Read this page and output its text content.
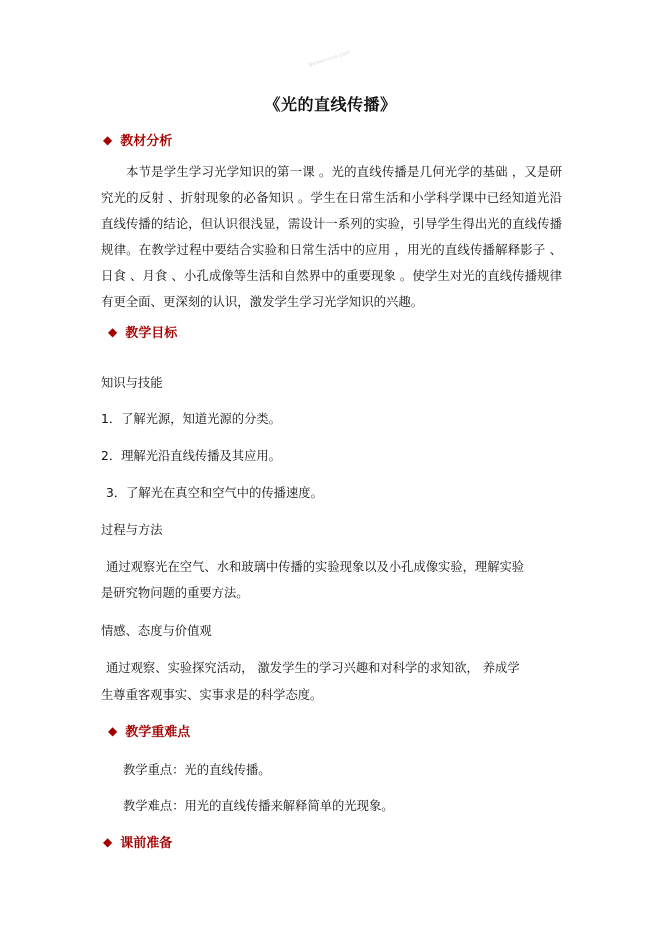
Baiwenxue.com
《光的直线传播》
◆ 教材分析
本节是学生学习光学知识的第一课 。光的直线传播是几何光学的基础 ，又是研究光的反射 、折射现象的必备知识 。学生在日常生活和小学科学课中已经知道光沿直线传播的结论，但认识很浅显，需设计一系列的实验，引导学生得出光的直线传播规律。在教学过程中要结合实验和日常生活中的应用 ，用光的直线传播解释影子 、日食 、月食 、小孔成像等生活和自然界中的重要现象 。使学生对光的直线传播规律有更全面、更深刻的认识，激发学生学习光学知识的兴趣。
◆ 教学目标
知识与技能
1．了解光源，知道光源的分类。
2．理解光沿直线传播及其应用。
3．了解光在真空和空气中的传播速度。
过程与方法
通过观察光在空气、水和玻璃中传播的实验现象以及小孔成像实验，理解实验
是研究物问题的重要方法。
情感、态度与价值观
通过观察、实验探究活动， 激发学生的学习兴趣和对科学的求知欲， 养成学
生尊重客观事实、实事求是的科学态度。
◆ 教学重难点
教学重点：光的直线传播。
教学难点：用光的直线传播来解释简单的光现象。
◆ 课前准备
